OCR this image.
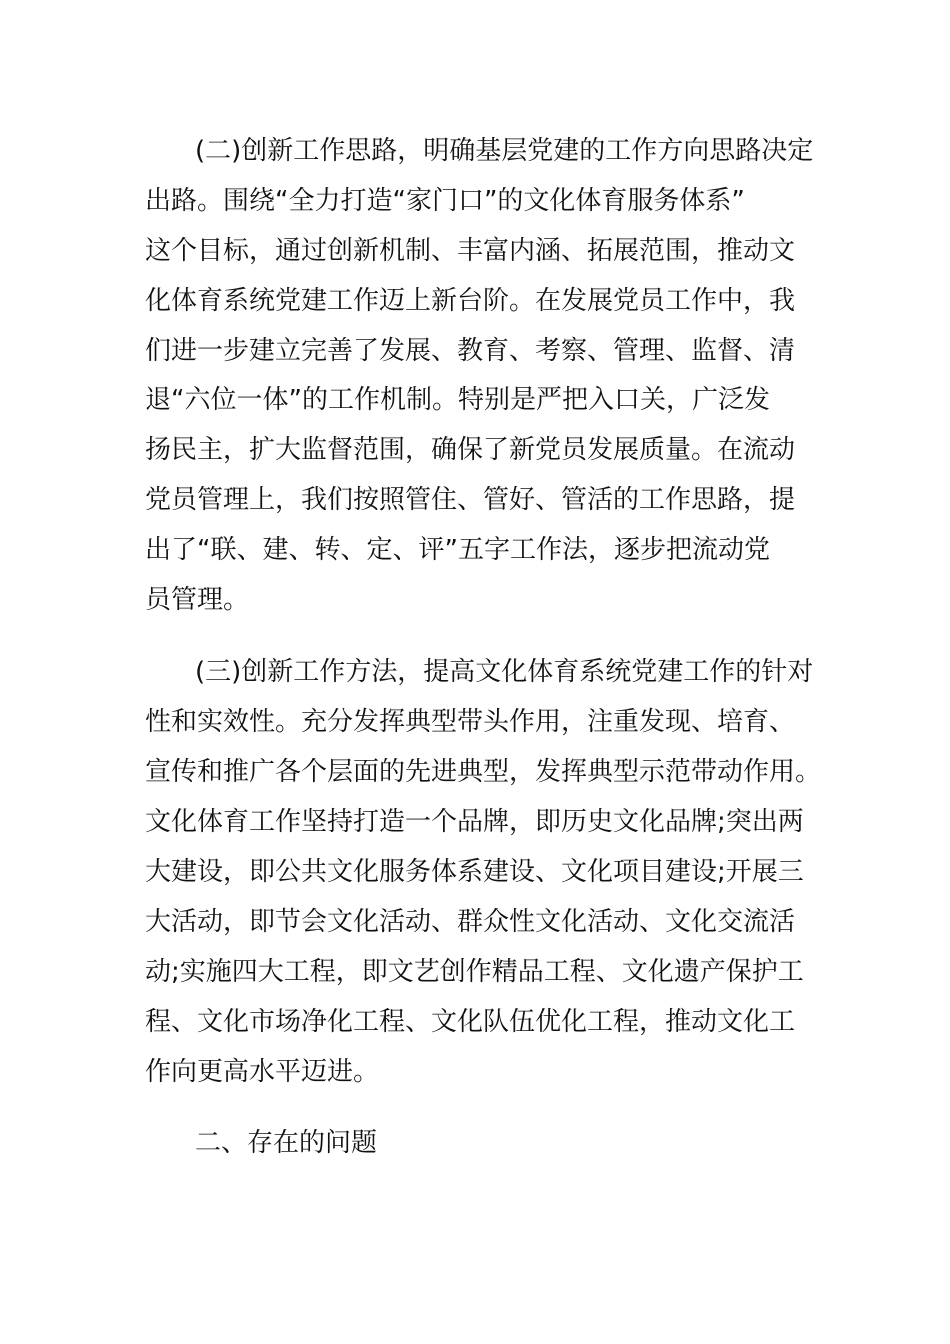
(二)创新工作思路，明确基层党建的工作方向思路决定
出路。围绕“全力打造“家门口”的文化体育服务体系”
这个目标，通过创新机制、丰富内涵、拓展范围，推动文
化体育系统党建工作迈上新台阶。在发展党员工作中，我
们进一步建立完善了发展、教育、考察、管理、监督、清
退“六位一体”的工作机制。特别是严把入口关，广泛发
扬民主，扩大监督范围，确保了新党员发展质量。在流动
党员管理上，我们按照管住、管好、管活的工作思路，提
出了“联、建、转、定、评”五字工作法，逐步把流动党
员管理。
(三)创新工作方法，提高文化体育系统党建工作的针对
性和实效性。充分发挥典型带头作用，注重发现、培育、
宣传和推广各个层面的先进典型，发挥典型示范带动作用。
文化体育工作坚持打造一个品牌，即历史文化品牌;突出两
大建设，即公共文化服务体系建设、文化项目建设;开展三
大活动，即节会文化活动、群众性文化活动、文化交流活
动;实施四大工程，即文艺创作精品工程、文化遗产保护工
程、文化市场净化工程、文化队伍优化工程，推动文化工
作向更高水平迈进。
二、存在的问题
